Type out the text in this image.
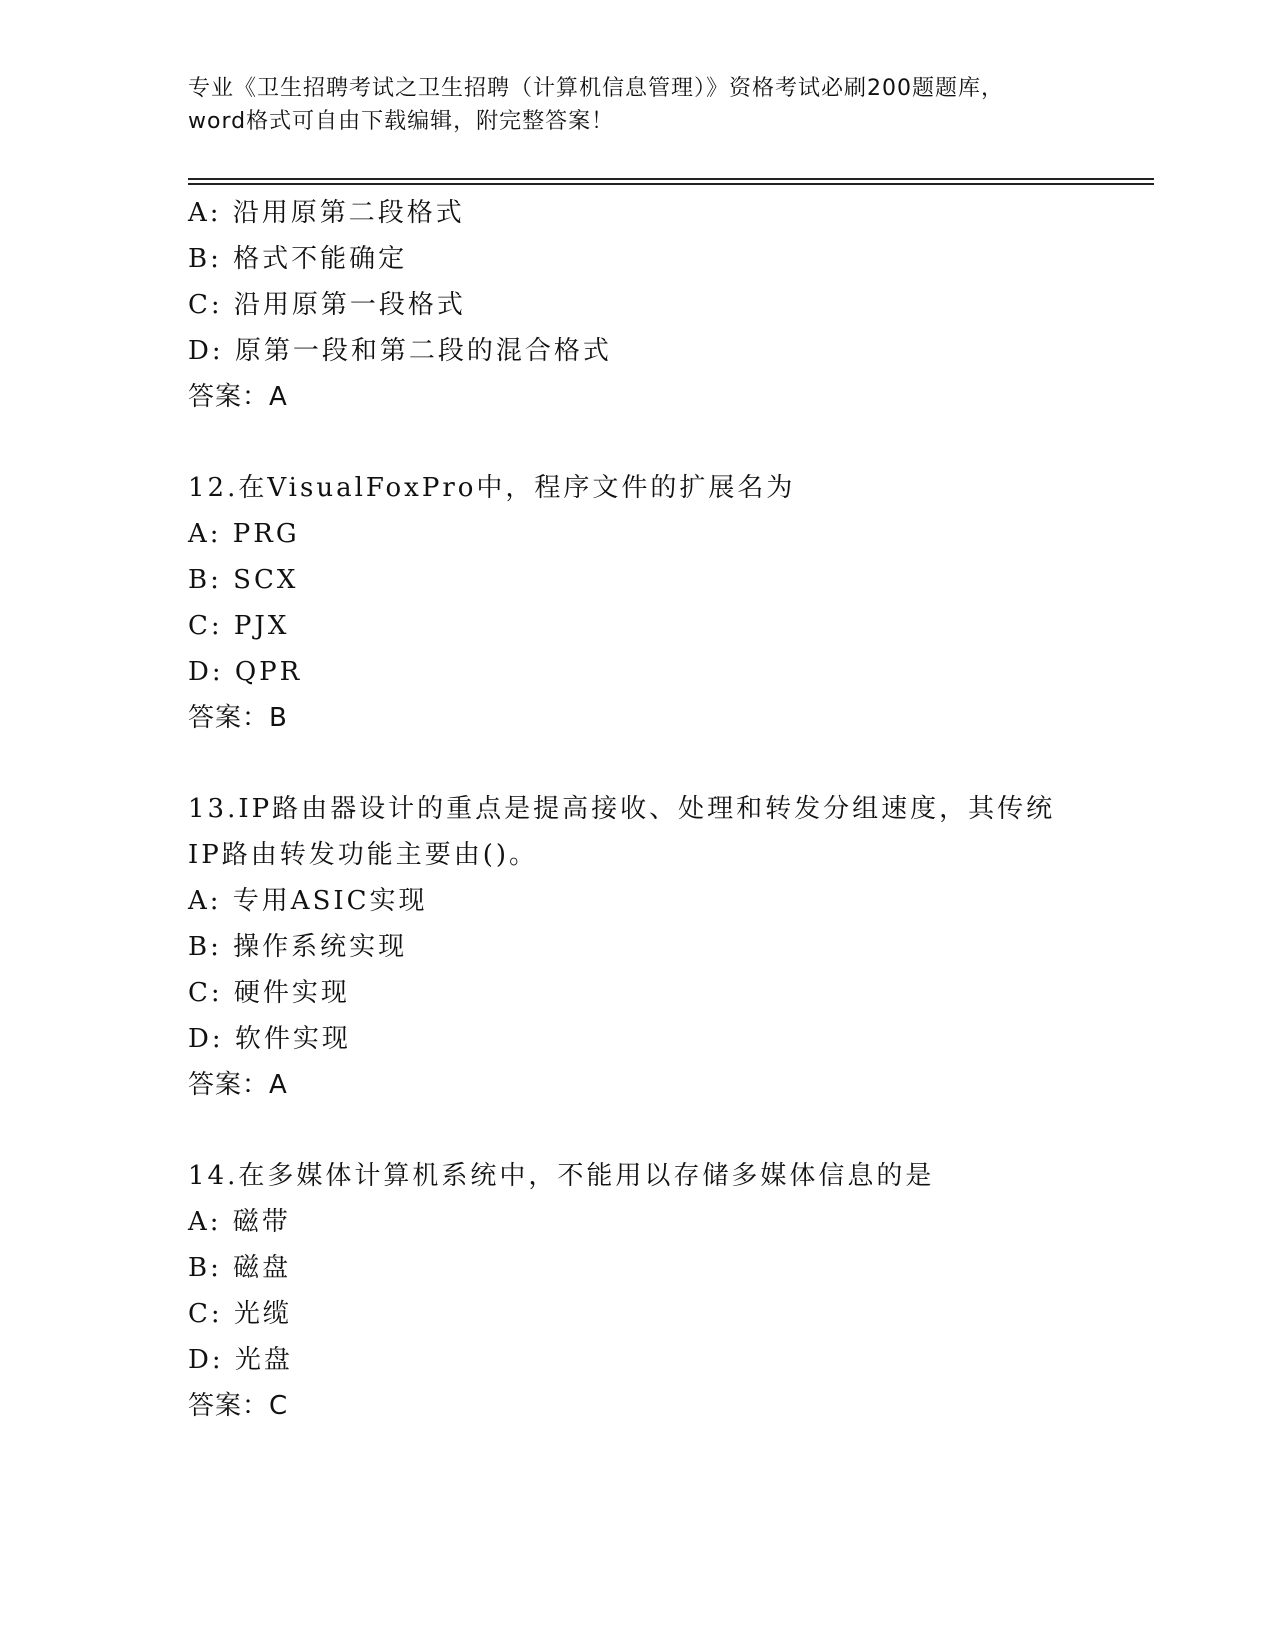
专业《卫生招聘考试之卫生招聘（计算机信息管理）》资格考试必刷200题题库，
word格式可自由下载编辑，附完整答案！
A: 沿用原第二段格式
B: 格式不能确定
C: 沿用原第一段格式
D: 原第一段和第二段的混合格式
答案：A
12.在VisualFoxPro中，程序文件的扩展名为
A: PRG
B: SCX
C: PJX
D: QPR
答案：B
13.IP路由器设计的重点是提高接收、处理和转发分组速度，其传统
IP路由转发功能主要由()。
A: 专用ASIC实现
B: 操作系统实现
C: 硬件实现
D: 软件实现
答案：A
14.在多媒体计算机系统中，不能用以存储多媒体信息的是
A: 磁带
B: 磁盘
C: 光缆
D: 光盘
答案：C
